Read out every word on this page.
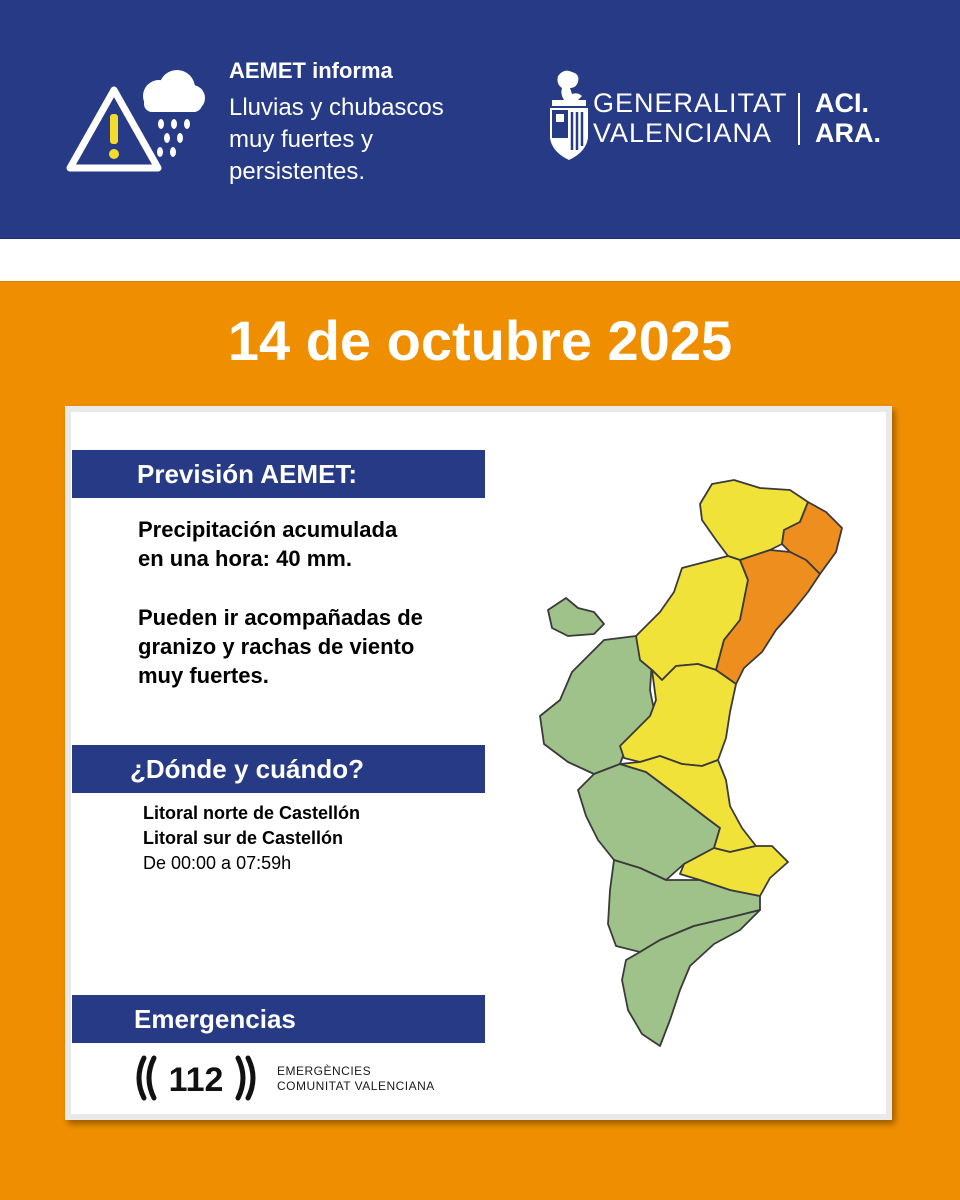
AEMET informa
Lluvias y chubascos
muy fuertes y
persistentes.
GENERALITAT
VALENCIANA
ACI.
ARA.
14 de octubre 2025
Previsión AEMET:
Precipitación acumulada
en una hora: 40 mm.
Pueden ir acompañadas de
granizo y rachas de viento
muy fuertes.
¿Dónde y cuándo?
Litoral norte de Castellón
Litoral sur de Castellón
De 00:00 a 07:59h
Emergencias
112	EMERGÈNCIES
COMUNITAT VALENCIANA
